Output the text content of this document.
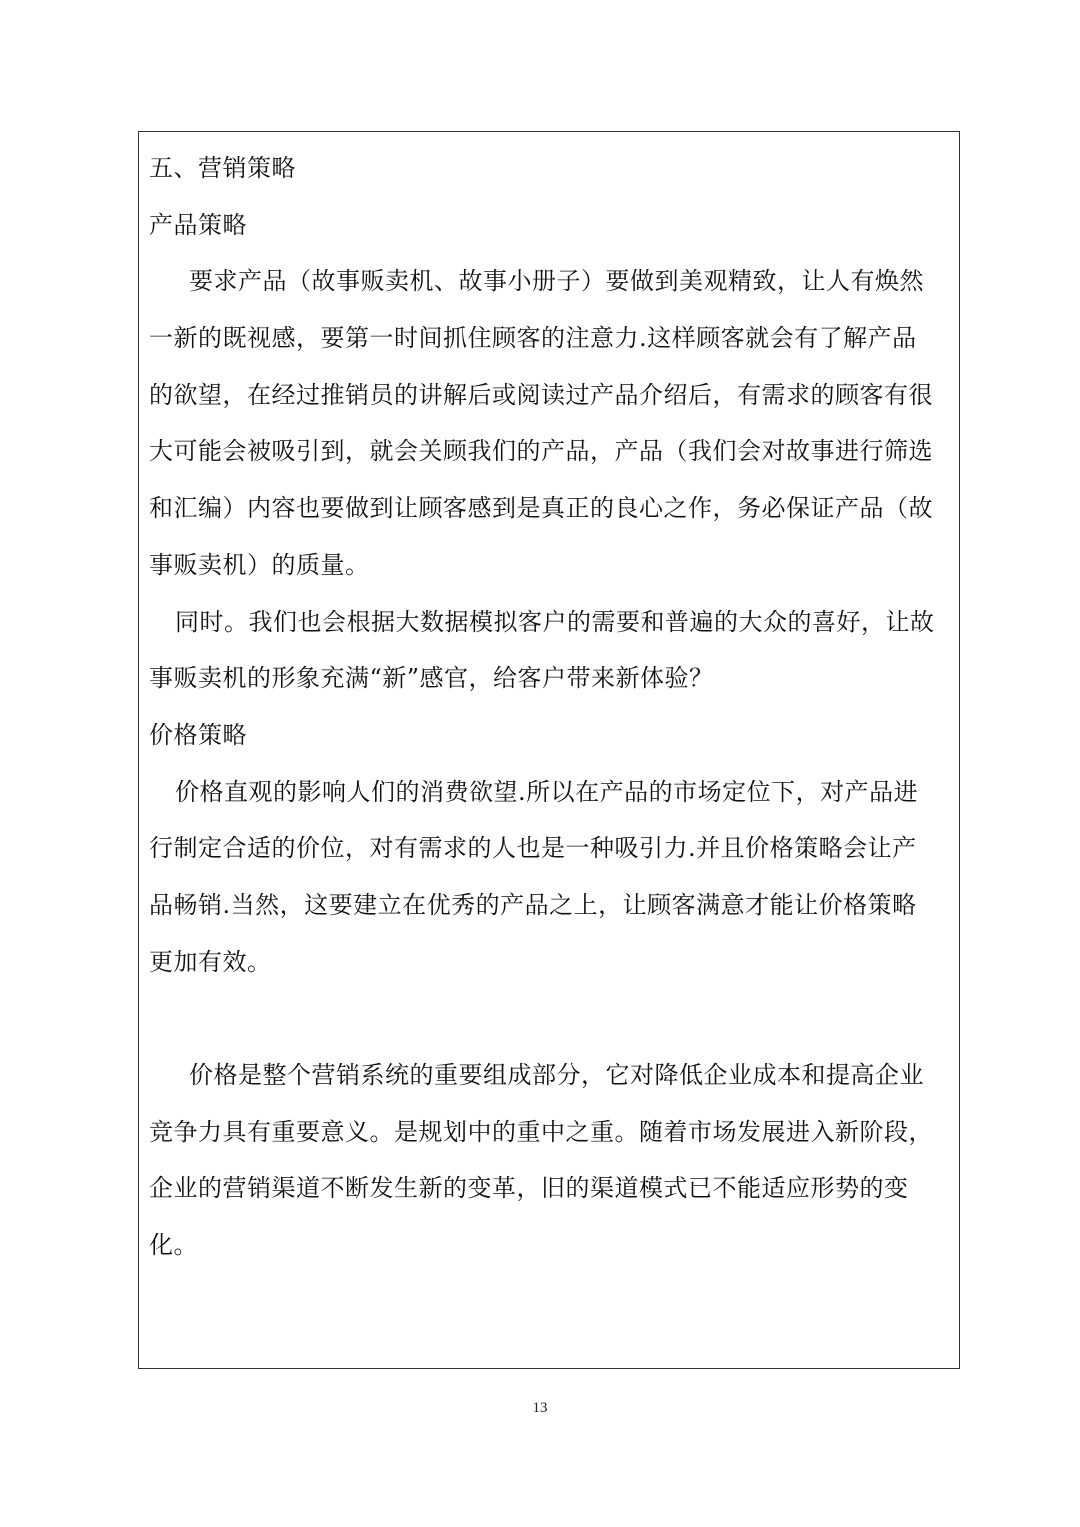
五、营销策略
产品策略
要求产品（故事贩卖机、故事小册子）要做到美观精致，让人有焕然
一新的既视感，要第一时间抓住顾客的注意力.这样顾客就会有了解产品
的欲望，在经过推销员的讲解后或阅读过产品介绍后，有需求的顾客有很
大可能会被吸引到，就会关顾我们的产品，产品（我们会对故事进行筛选
和汇编）内容也要做到让顾客感到是真正的良心之作，务必保证产品（故
事贩卖机）的质量。
同时。我们也会根据大数据模拟客户的需要和普遍的大众的喜好，让故
事贩卖机的形象充满“新”感官，给客户带来新体验？
价格策略
价格直观的影响人们的消费欲望.所以在产品的市场定位下，对产品进
行制定合适的价位，对有需求的人也是一种吸引力.并且价格策略会让产
品畅销.当然，这要建立在优秀的产品之上，让顾客满意才能让价格策略
更加有效。
价格是整个营销系统的重要组成部分，它对降低企业成本和提高企业
竞争力具有重要意义。是规划中的重中之重。随着市场发展进入新阶段，
企业的营销渠道不断发生新的变革，旧的渠道模式已不能适应形势的变
化。
13
